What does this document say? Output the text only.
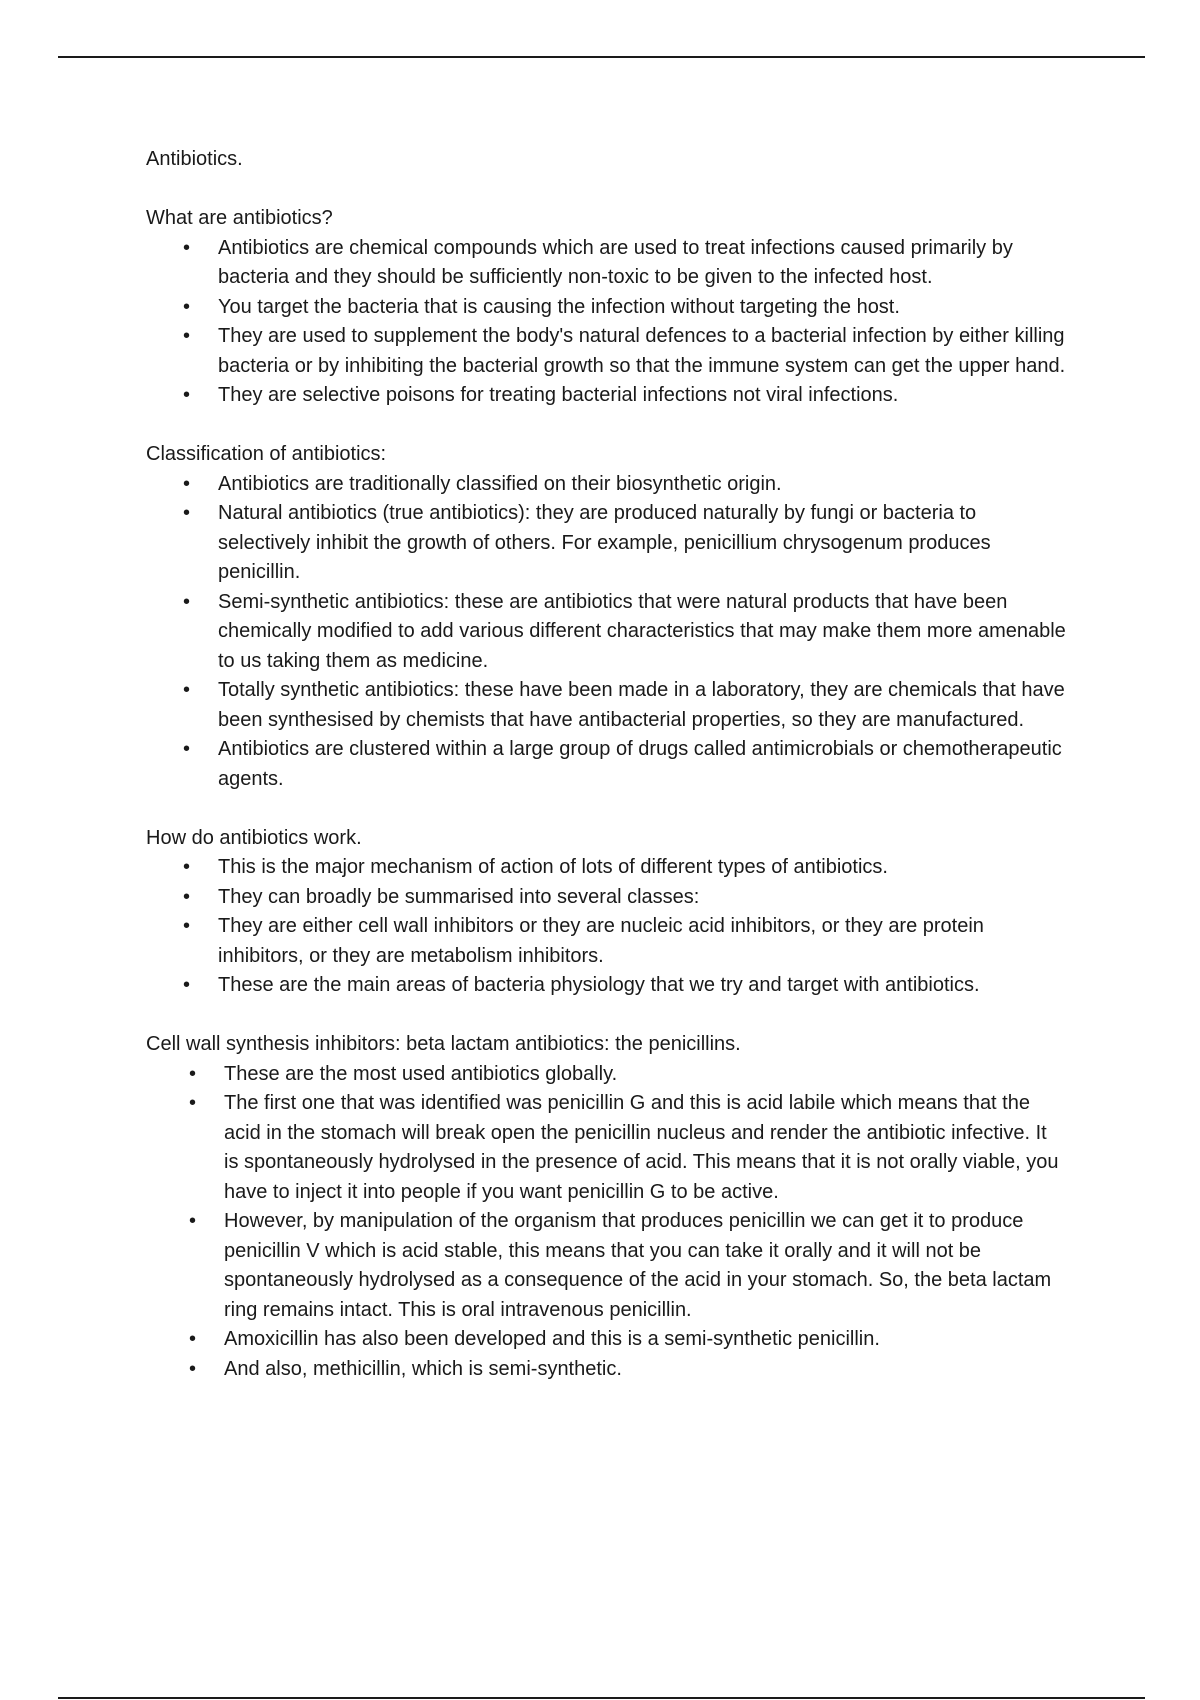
Antibiotics.

What are antibiotics?

• Antibiotics are chemical compounds which are used to treat infections caused primarily by bacteria and they should be sufficiently non-toxic to be given to the infected host.
• You target the bacteria that is causing the infection without targeting the host.
• They are used to supplement the body's natural defences to a bacterial infection by either killing bacteria or by inhibiting the bacterial growth so that the immune system can get the upper hand.
• They are selective poisons for treating bacterial infections not viral infections.

Classification of antibiotics:

• Antibiotics are traditionally classified on their biosynthetic origin.
• Natural antibiotics (true antibiotics): they are produced naturally by fungi or bacteria to selectively inhibit the growth of others. For example, penicillium chrysogenum produces penicillin.
• Semi-synthetic antibiotics: these are antibiotics that were natural products that have been chemically modified to add various different characteristics that may make them more amenable to us taking them as medicine.
• Totally synthetic antibiotics: these have been made in a laboratory, they are chemicals that have been synthesised by chemists that have antibacterial properties, so they are manufactured.
• Antibiotics are clustered within a large group of drugs called antimicrobials or chemotherapeutic agents.

How do antibiotics work.

• This is the major mechanism of action of lots of different types of antibiotics.
• They can broadly be summarised into several classes:
• They are either cell wall inhibitors or they are nucleic acid inhibitors, or they are protein inhibitors, or they are metabolism inhibitors.
• These are the main areas of bacteria physiology that we try and target with antibiotics.

Cell wall synthesis inhibitors: beta lactam antibiotics: the penicillins.

• These are the most used antibiotics globally.
• The first one that was identified was penicillin G and this is acid labile which means that the acid in the stomach will break open the penicillin nucleus and render the antibiotic infective. It is spontaneously hydrolysed in the presence of acid. This means that it is not orally viable, you have to inject it into people if you want penicillin G to be active.
• However, by manipulation of the organism that produces penicillin we can get it to produce penicillin V which is acid stable, this means that you can take it orally and it will not be spontaneously hydrolysed as a consequence of the acid in your stomach. So, the beta lactam ring remains intact. This is oral intravenous penicillin.
• Amoxicillin has also been developed and this is a semi-synthetic penicillin.
• And also, methicillin, which is semi-synthetic.
